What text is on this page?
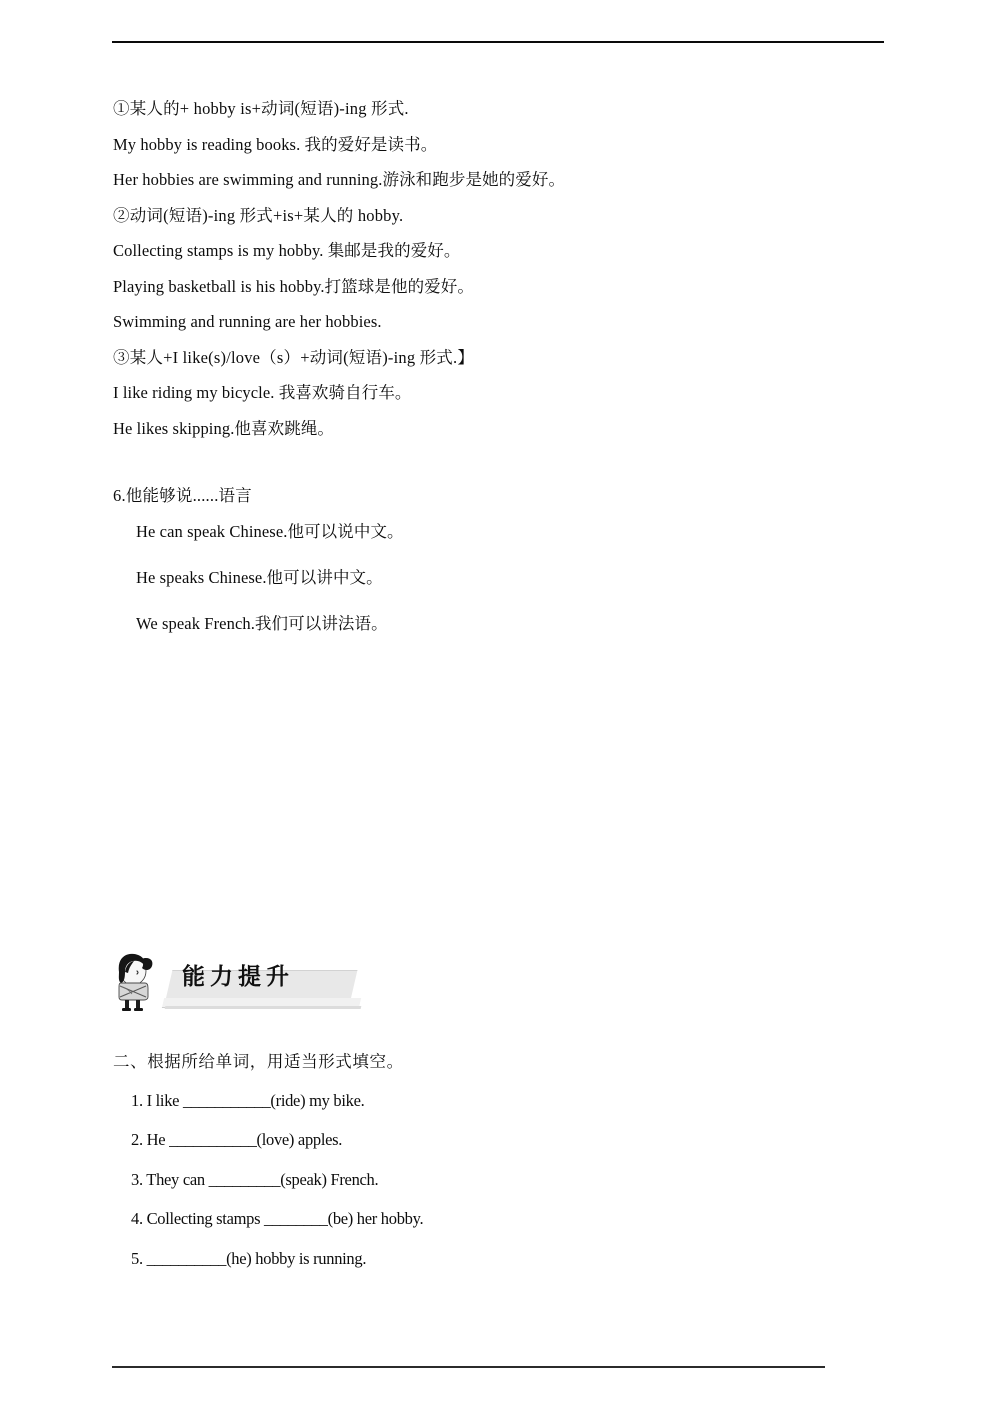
①某人的+ hobby is+动词(短语)-ing 形式.

My hobby is reading books. 我的爱好是读书。

Her hobbies are swimming and running.游泳和跑步是她的爱好。

②动词(短语)-ing 形式+is+某人的 hobby.

Collecting stamps is my hobby. 集邮是我的爱好。

Playing basketball is his hobby.打篮球是他的爱好。

Swimming and running are her hobbies.

③某人+I like(s)/love（s）+动词(短语)-ing 形式.】

I like riding my bicycle. 我喜欢骑自行车。

He likes skipping.他喜欢跳绳。

6.他能够说......语言

He can speak Chinese.他可以说中文。

He speaks Chinese.他可以讲中文。

We speak French.我们可以讲法语。

能力提升

二、根据所给单词，用适当形式填空。

1. I like ___________(ride) my bike.

2. He ___________(love) apples.

3. They can _________(speak) French.

4. Collecting stamps ________(be) her hobby.

5. __________(he) hobby is running.
